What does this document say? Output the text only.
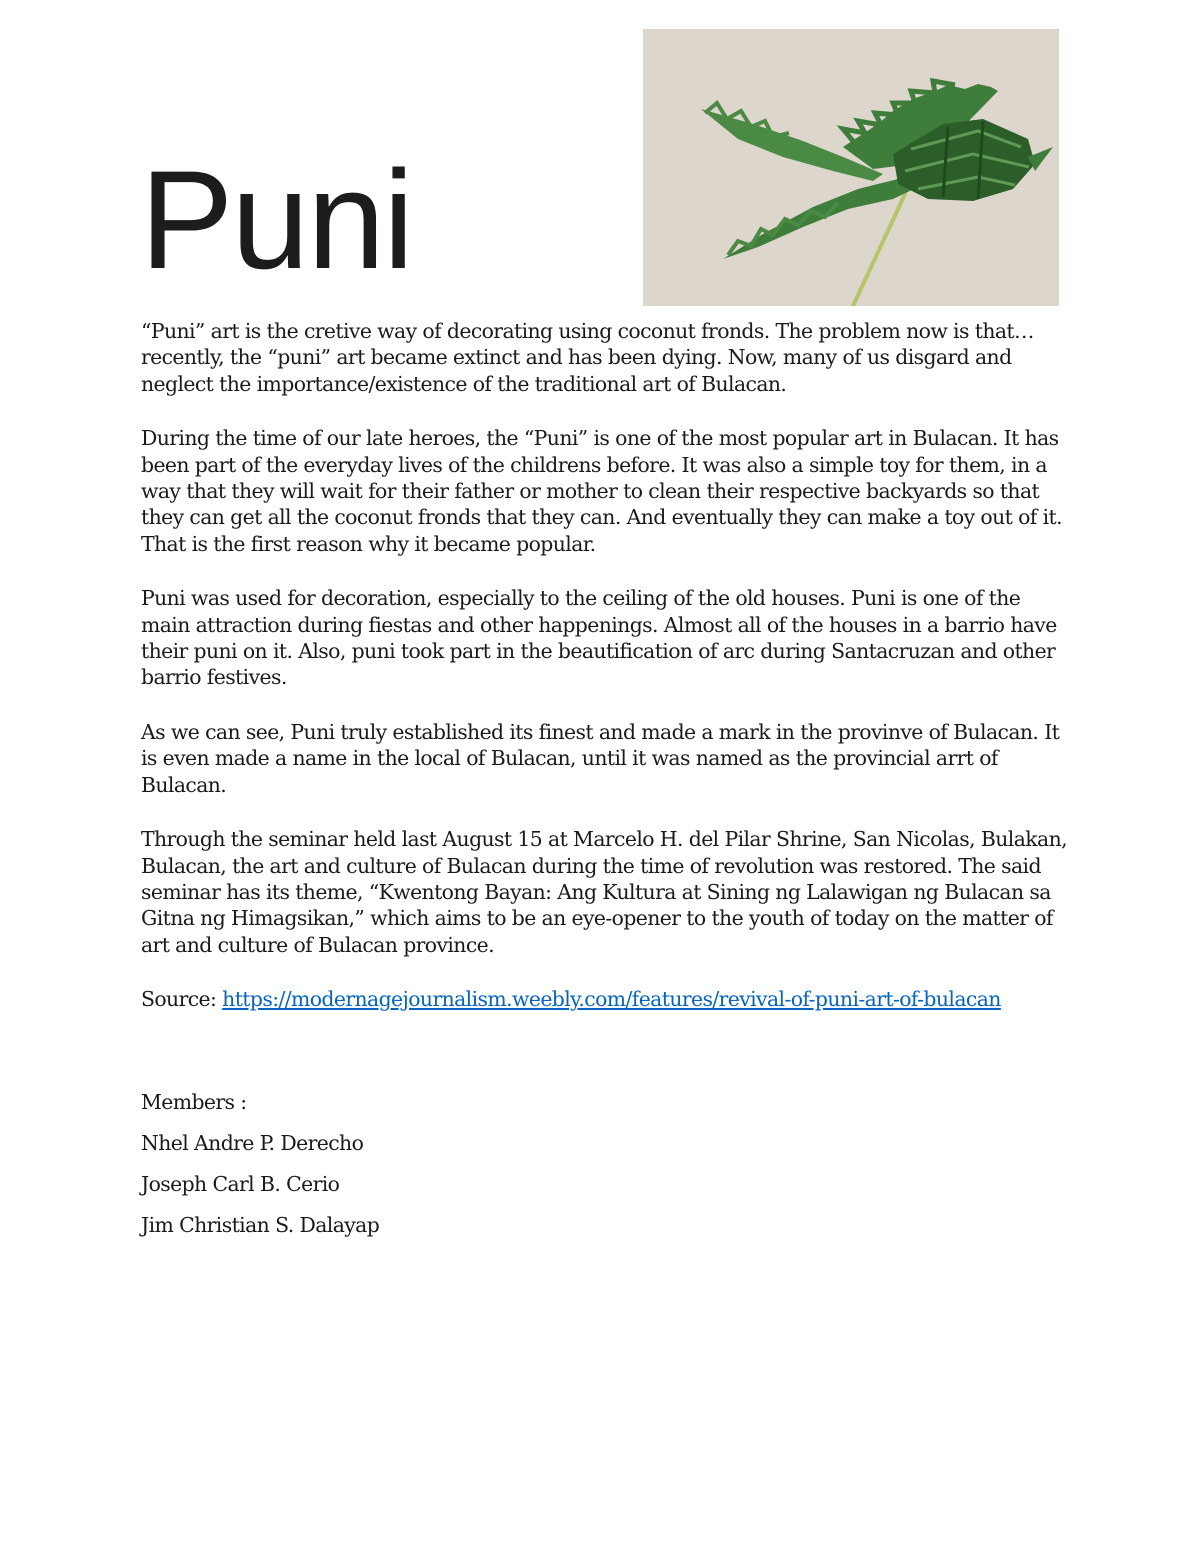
Puni

“Puni” art is the cretive way of decorating using coconut fronds. The problem now is that… recently, the “puni” art became extinct and has been dying. Now, many of us disgard and neglect the importance/existence of the traditional art of Bulacan.

During the time of our late heroes, the “Puni” is one of the most popular art in Bulacan. It has been part of the everyday lives of the childrens before. It was also a simple toy for them, in a way that they will wait for their father or mother to clean their respective backyards so that they can get all the coconut fronds that they can. And eventually they can make a toy out of it. That is the first reason why it became popular.

Puni was used for decoration, especially to the ceiling of the old houses. Puni is one of the main attraction during fiestas and other happenings. Almost all of the houses in a barrio have their puni on it. Also, puni took part in the beautification of arc during Santacruzan and other barrio festives.

As we can see, Puni truly established its finest and made a mark in the provinve of Bulacan. It is even made a name in the local of Bulacan, until it was named as the provincial arrt of Bulacan.

Through the seminar held last August 15 at Marcelo H. del Pilar Shrine, San Nicolas, Bulakan, Bulacan, the art and culture of Bulacan during the time of revolution was restored. The said seminar has its theme, “Kwentong Bayan: Ang Kultura at Sining ng Lalawigan ng Bulacan sa Gitna ng Himagsikan,” which aims to be an eye-opener to the youth of today on the matter of art and culture of Bulacan province.

Source: https://modernagejournalism.weebly.com/features/revival-of-puni-art-of-bulacan

Members :

Nhel Andre P. Derecho

Joseph Carl B. Cerio

Jim Christian S. Dalayap
